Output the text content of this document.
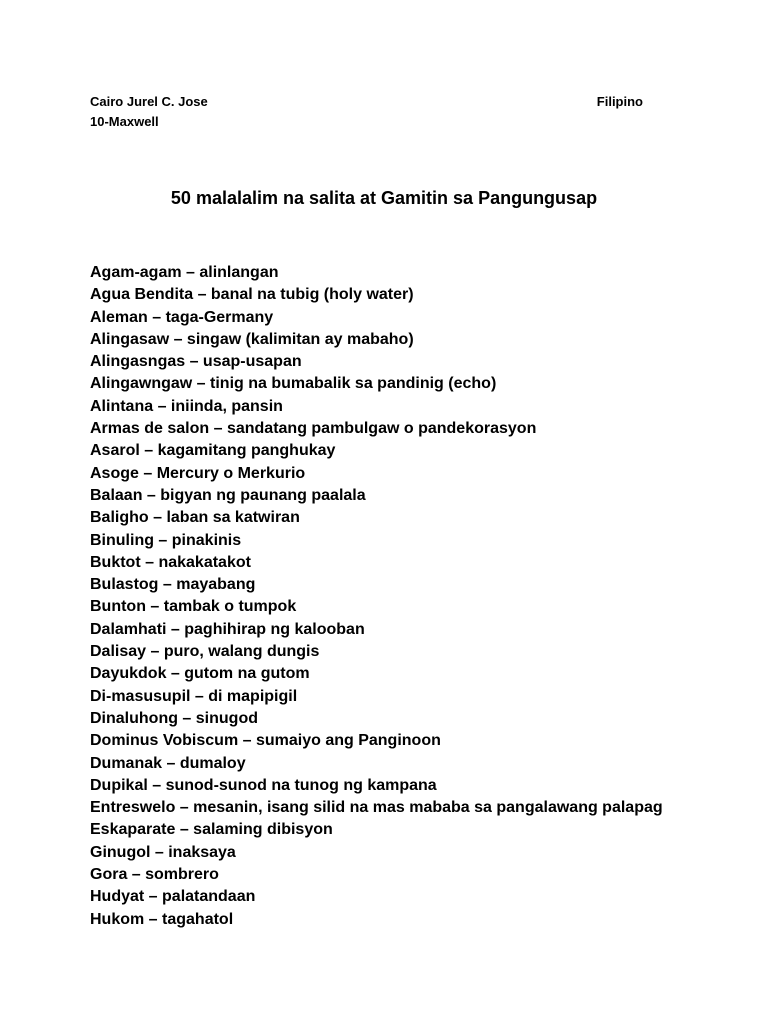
Cairo Jurel C. Jose
10-Maxwell
Filipino
50 malalalim na salita at Gamitin sa Pangungusap
Agam-agam – alinlangan
Agua Bendita – banal na tubig (holy water)
Aleman – taga-Germany
Alingasaw – singaw (kalimitan ay mabaho)
Alingasngas – usap-usapan
Alingawngaw – tinig na bumabalik sa pandinig (echo)
Alintana – iniinda, pansin
Armas de salon – sandatang pambulgaw o pandekorasyon
Asarol – kagamitang panghukay
Asoge – Mercury o Merkurio
Balaan – bigyan ng paunang paalala
Baligho – laban sa katwiran
Binuling – pinakinis
Buktot – nakakatakot
Bulastog – mayabang
Bunton – tambak o tumpok
Dalamhati – paghihirap ng kalooban
Dalisay – puro, walang dungis
Dayukdok – gutom na gutom
Di-masusupil – di mapipigil
Dinaluhong – sinugod
Dominus Vobiscum – sumaiyo ang Panginoon
Dumanak – dumaloy
Dupikal – sunod-sunod na tunog ng kampana
Entreswelo – mesanin, isang silid na mas mababa sa pangalawang palapag
Eskaparate – salaming dibisyon
Ginugol – inaksaya
Gora – sombrero
Hudyat – palatandaan
Hukom – tagahatol
